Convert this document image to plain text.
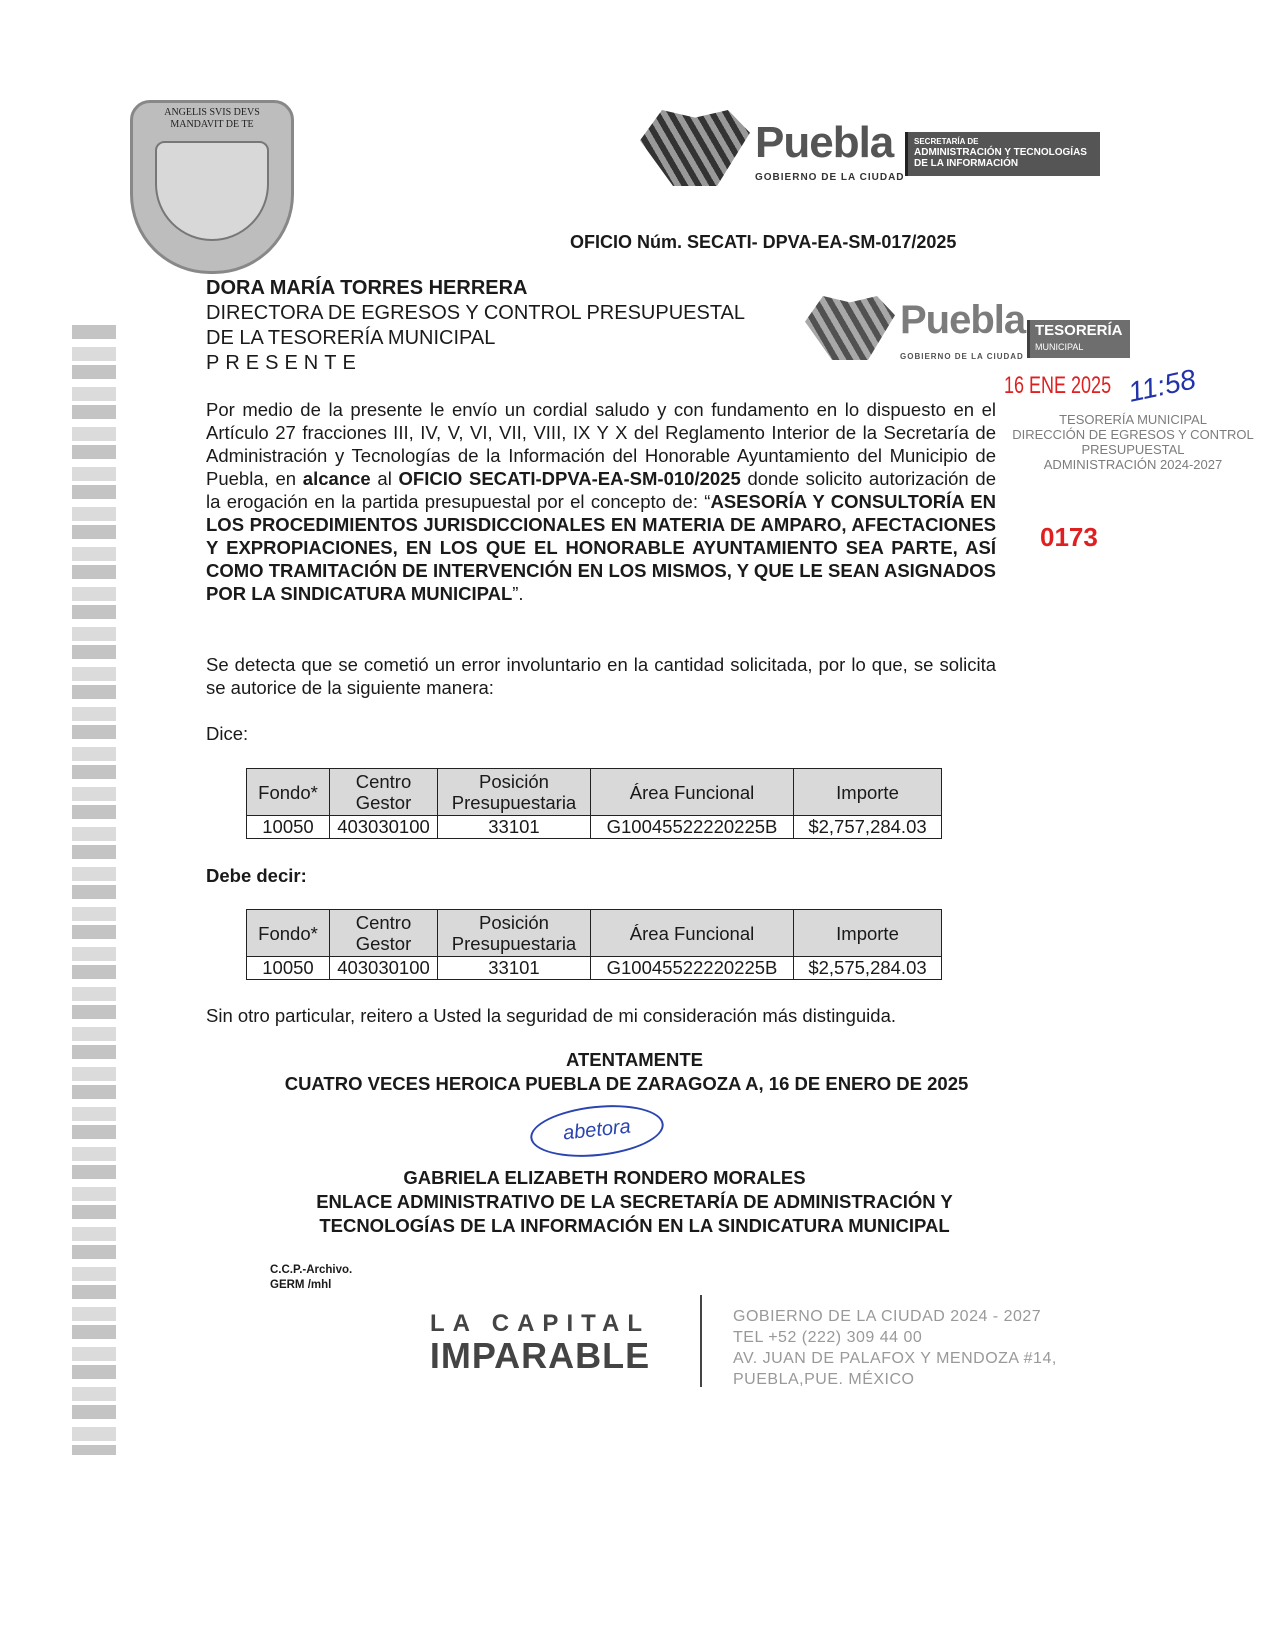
ANGELIS SVIS DEVS MANDAVIT DE TE	Puebla
GOBIERNO DE LA CIUDAD
SECRETARÍA DE
ADMINISTRACIÓN Y TECNOLOGÍAS DE LA INFORMACIÓN
OFICIO Núm. SECATI- DPVA-EA-SM-017/2025
DORA MARÍA TORRES HERRERA
DIRECTORA DE EGRESOS Y CONTROL PRESUPUESTAL
DE LA TESORERÍA MUNICIPAL
PRESENTE
Puebla
GOBIERNO DE LA CIUDAD
TESORERÍA
MUNICIPAL
Por medio de la presente le envío un cordial saludo y con fundamento en lo dispuesto en el Artículo 27 fracciones III, IV, V, VI, VII, VIII, IX Y X del Reglamento Interior de la Secretaría de Administración y Tecnologías de la Información del Honorable Ayuntamiento del Municipio de Puebla, en alcance al OFICIO SECATI-DPVA-EA-SM-010/2025 donde solicito autorización de la erogación en la partida presupuestal por el concepto de: “ASESORÍA Y CONSULTORÍA EN LOS PROCEDIMIENTOS JURISDICCIONALES EN MATERIA DE AMPARO, AFECTACIONES Y EXPROPIACIONES, EN LOS QUE EL HONORABLE AYUNTAMIENTO SEA PARTE, ASÍ COMO TRAMITACIÓN DE INTERVENCIÓN EN LOS MISMOS, Y QUE LE SEAN ASIGNADOS POR LA SINDICATURA MUNICIPAL”.
16 ENE 2025 11:58
TESORERÍA MUNICIPAL
DIRECCIÓN DE EGRESOS Y CONTROL
PRESUPUESTAL
ADMINISTRACIÓN 2024-2027
0173
Se detecta que se cometió un error involuntario en la cantidad solicitada, por lo que, se solicita se autorice de la siguiente manera:
Dice:
Fondo*	Centro Gestor	Posición Presupuestaria	Área Funcional	Importe
10050	403030100	33101	G10045522220225B	$2,757,284.03
Debe decir:
Fondo*	Centro Gestor	Posición Presupuestaria	Área Funcional	Importe
10050	403030100	33101	G10045522220225B	$2,575,284.03
Sin otro particular, reitero a Usted la seguridad de mi consideración más distinguida.
ATENTAMENTE
CUATRO VECES HEROICA PUEBLA DE ZARAGOZA A, 16 DE ENERO DE 2025
abetora
GABRIELA ELIZABETH RONDERO MORALES
ENLACE ADMINISTRATIVO DE LA SECRETARÍA DE ADMINISTRACIÓN Y
TECNOLOGÍAS DE LA INFORMACIÓN EN LA SINDICATURA MUNICIPAL
C.C.P.-Archivo.
GERM /mhl
LA CAPITAL
IMPARABLE
GOBIERNO DE LA CIUDAD 2024 - 2027
TEL +52 (222) 309 44 00
AV. JUAN DE PALAFOX Y MENDOZA #14,
PUEBLA,PUE. MÉXICO
